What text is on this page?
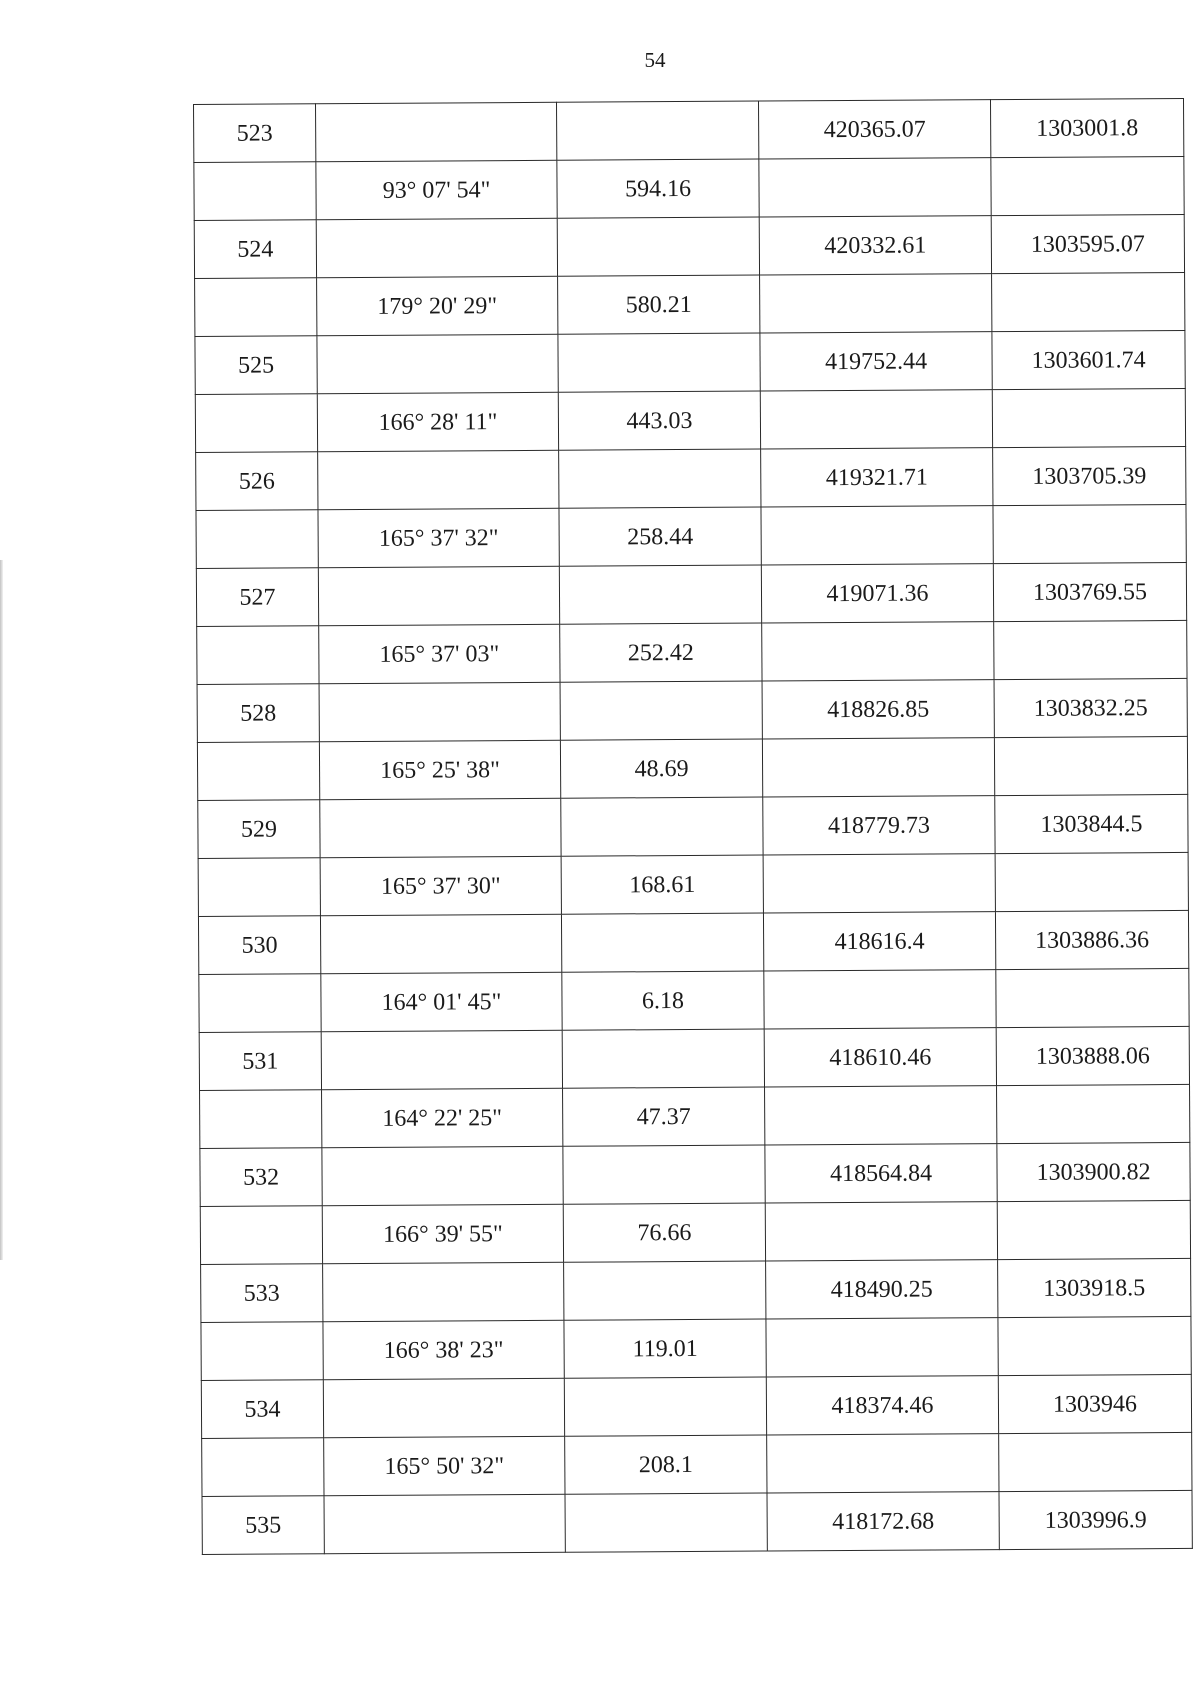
54
523			420365.07	1303001.8
	93° 07' 54"	594.16		
524			420332.61	1303595.07
	179° 20' 29"	580.21		
525			419752.44	1303601.74
	166° 28' 11"	443.03		
526			419321.71	1303705.39
	165° 37' 32"	258.44		
527			419071.36	1303769.55
	165° 37' 03"	252.42		
528			418826.85	1303832.25
	165° 25' 38"	48.69		
529			418779.73	1303844.5
	165° 37' 30"	168.61		
530			418616.4	1303886.36
	164° 01' 45"	6.18		
531			418610.46	1303888.06
	164° 22' 25"	47.37		
532			418564.84	1303900.82
	166° 39' 55"	76.66		
533			418490.25	1303918.5
	166° 38' 23"	119.01		
534			418374.46	1303946
	165° 50' 32"	208.1		
535			418172.68	1303996.9
